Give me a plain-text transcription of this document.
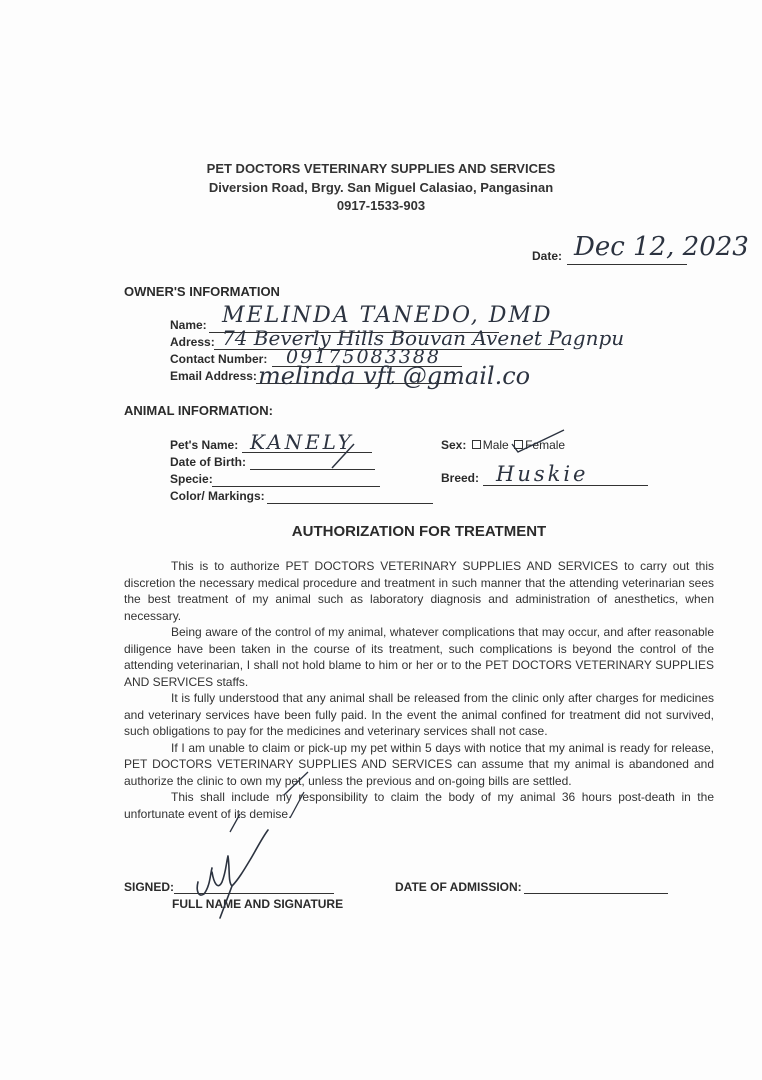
PET DOCTORS VETERINARY SUPPLIES AND SERVICES
Diversion Road, Brgy. San Miguel Calasiao, Pangasinan
0917-1533-903
Date: Dec 12, 2023
OWNER'S INFORMATION
Name: MELINDA TANEDO, DMD
Adress: 74 Beverly Hills Bouvan Avenet Pagnpu
Contact Number: 09175083388
Email Address: melinda vft @gmail.co
ANIMAL INFORMATION:
Pet's Name: KANELY
Date of Birth:
Specie:
Color/ Markings:
Sex: Male Female
Breed: Huskie
AUTHORIZATION FOR TREATMENT

This is to authorize PET DOCTORS VETERINARY SUPPLIES AND SERVICES to carry out this discretion the necessary medical procedure and treatment in such manner that the attending veterinarian sees the best treatment of my animal such as laboratory diagnosis and administration of anesthetics, when necessary.

Being aware of the control of my animal, whatever complications that may occur, and after reasonable diligence have been taken in the course of its treatment, such complications is beyond the control of the attending veterinarian, I shall not hold blame to him or her or to the PET DOCTORS VETERINARY SUPPLIES AND SERVICES staffs.

It is fully understood that any animal shall be released from the clinic only after charges for medicines and veterinary services have been fully paid. In the event the animal confined for treatment did not survived, such obligations to pay for the medicines and veterinary services shall not case.

If I am unable to claim or pick-up my pet within 5 days with notice that my animal is ready for release, PET DOCTORS VETERINARY SUPPLIES AND SERVICES can assume that my animal is abandoned and authorize the clinic to own my pet, unless the previous and on-going bills are settled.

This shall include my responsibility to claim the body of my animal 36 hours post-death in the unfortunate event of its demise.

SIGNED:
FULL NAME AND SIGNATURE
DATE OF ADMISSION:
